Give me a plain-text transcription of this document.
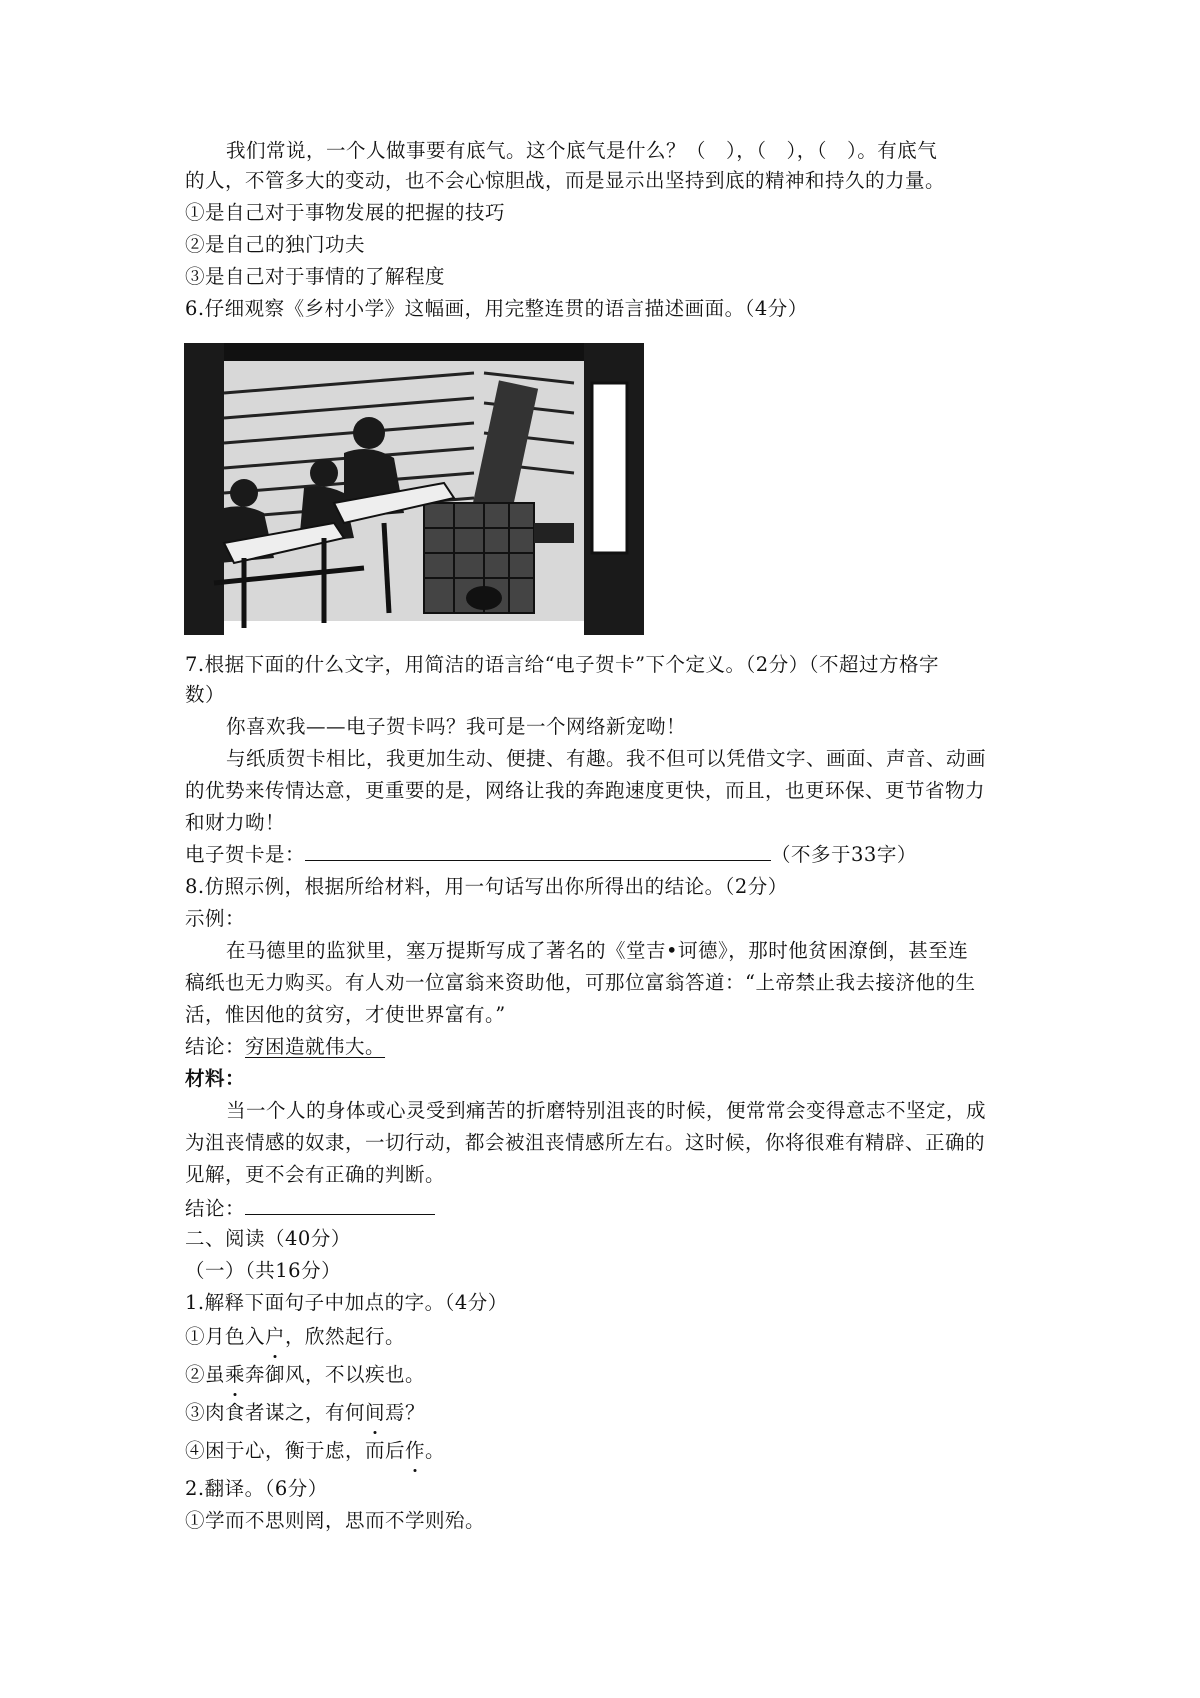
我们常说，一个人做事要有底气。这个底气是什么？（　），（　），（　）。有底气
的人，不管多大的变动，也不会心惊胆战，而是显示出坚持到底的精神和持久的力量。
①是自己对于事物发展的把握的技巧
②是自己的独门功夫
③是自己对于事情的了解程度
6.仔细观察《乡村小学》这幅画，用完整连贯的语言描述画面。（4分）
7.根据下面的什么文字，用简洁的语言给“电子贺卡”下个定义。（2分）（不超过方格字
数）
你喜欢我——电子贺卡吗？我可是一个网络新宠呦！
与纸质贺卡相比，我更加生动、便捷、有趣。我不但可以凭借文字、画面、声音、动画
的优势来传情达意，更重要的是，网络让我的奔跑速度更快，而且，也更环保、更节省物力
和财力呦！
电子贺卡是：	（不多于33字）
8.仿照示例，根据所给材料，用一句话写出你所得出的结论。（2分）
示例：
在马德里的监狱里，塞万提斯写成了著名的《堂吉•诃德》，那时他贫困潦倒，甚至连
稿纸也无力购买。有人劝一位富翁来资助他，可那位富翁答道：“上帝禁止我去接济他的生
活，惟因他的贫穷，才使世界富有。”
结论：穷困造就伟大。
材料：
当一个人的身体或心灵受到痛苦的折磨特别沮丧的时候，便常常会变得意志不坚定，成
为沮丧情感的奴隶，一切行动，都会被沮丧情感所左右。这时候，你将很难有精辟、正确的
见解，更不会有正确的判断。
结论：
二、阅读（40分）
（一）（共16分）
1.解释下面句子中加点的字。（4分）
①月色入户，欣然起行。
②虽乘奔御风，不以疾也。
③肉食者谋之，有何间焉？
④困于心，衡于虑，而后作。
2.翻译。（6分）
①学而不思则罔，思而不学则殆。
